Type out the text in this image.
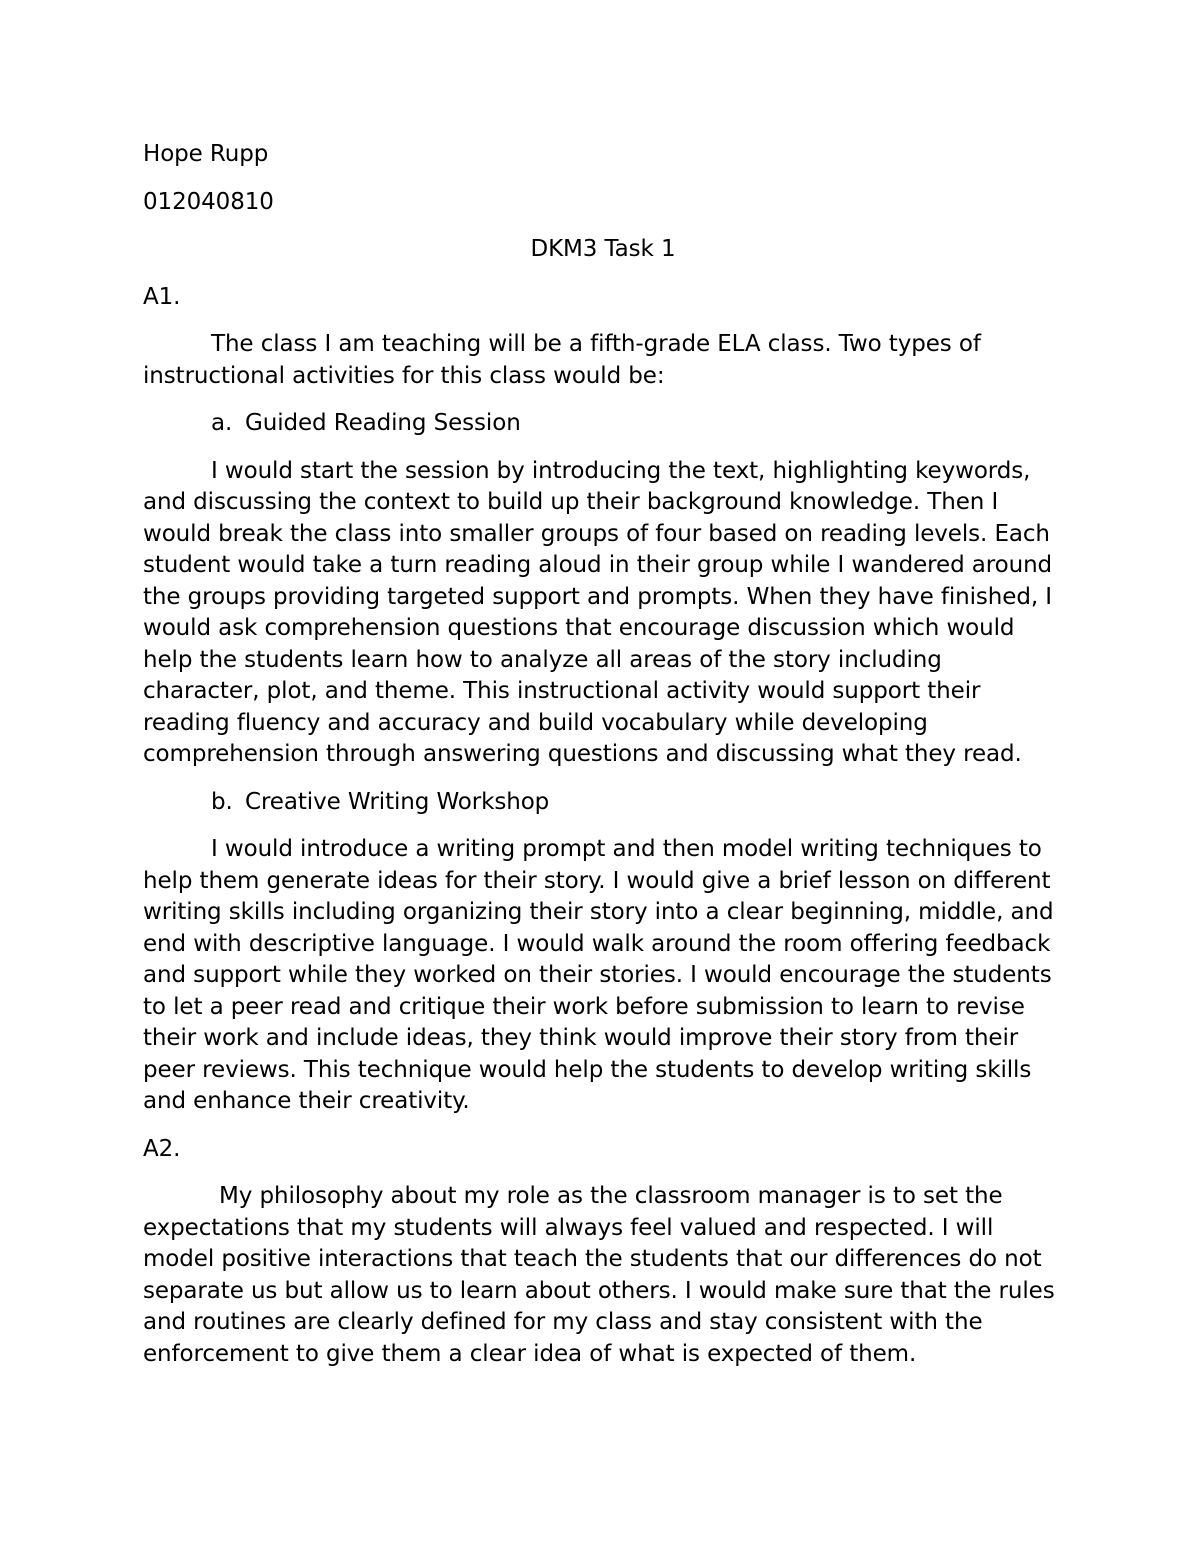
Hope Rupp

012040810

DKM3 Task 1

A1.

The class I am teaching will be a fifth-grade ELA class. Two types of instructional activities for this class would be:

a. Guided Reading Session

I would start the session by introducing the text, highlighting keywords, and discussing the context to build up their background knowledge. Then I would break the class into smaller groups of four based on reading levels. Each student would take a turn reading aloud in their group while I wandered around the groups providing targeted support and prompts. When they have finished, I would ask comprehension questions that encourage discussion which would help the students learn how to analyze all areas of the story including character, plot, and theme. This instructional activity would support their reading fluency and accuracy and build vocabulary while developing comprehension through answering questions and discussing what they read.

b. Creative Writing Workshop

I would introduce a writing prompt and then model writing techniques to help them generate ideas for their story. I would give a brief lesson on different writing skills including organizing their story into a clear beginning, middle, and end with descriptive language. I would walk around the room offering feedback and support while they worked on their stories. I would encourage the students to let a peer read and critique their work before submission to learn to revise their work and include ideas, they think would improve their story from their peer reviews. This technique would help the students to develop writing skills and enhance their creativity.

A2.

My philosophy about my role as the classroom manager is to set the expectations that my students will always feel valued and respected. I will model positive interactions that teach the students that our differences do not separate us but allow us to learn about others. I would make sure that the rules and routines are clearly defined for my class and stay consistent with the enforcement to give them a clear idea of what is expected of them.
